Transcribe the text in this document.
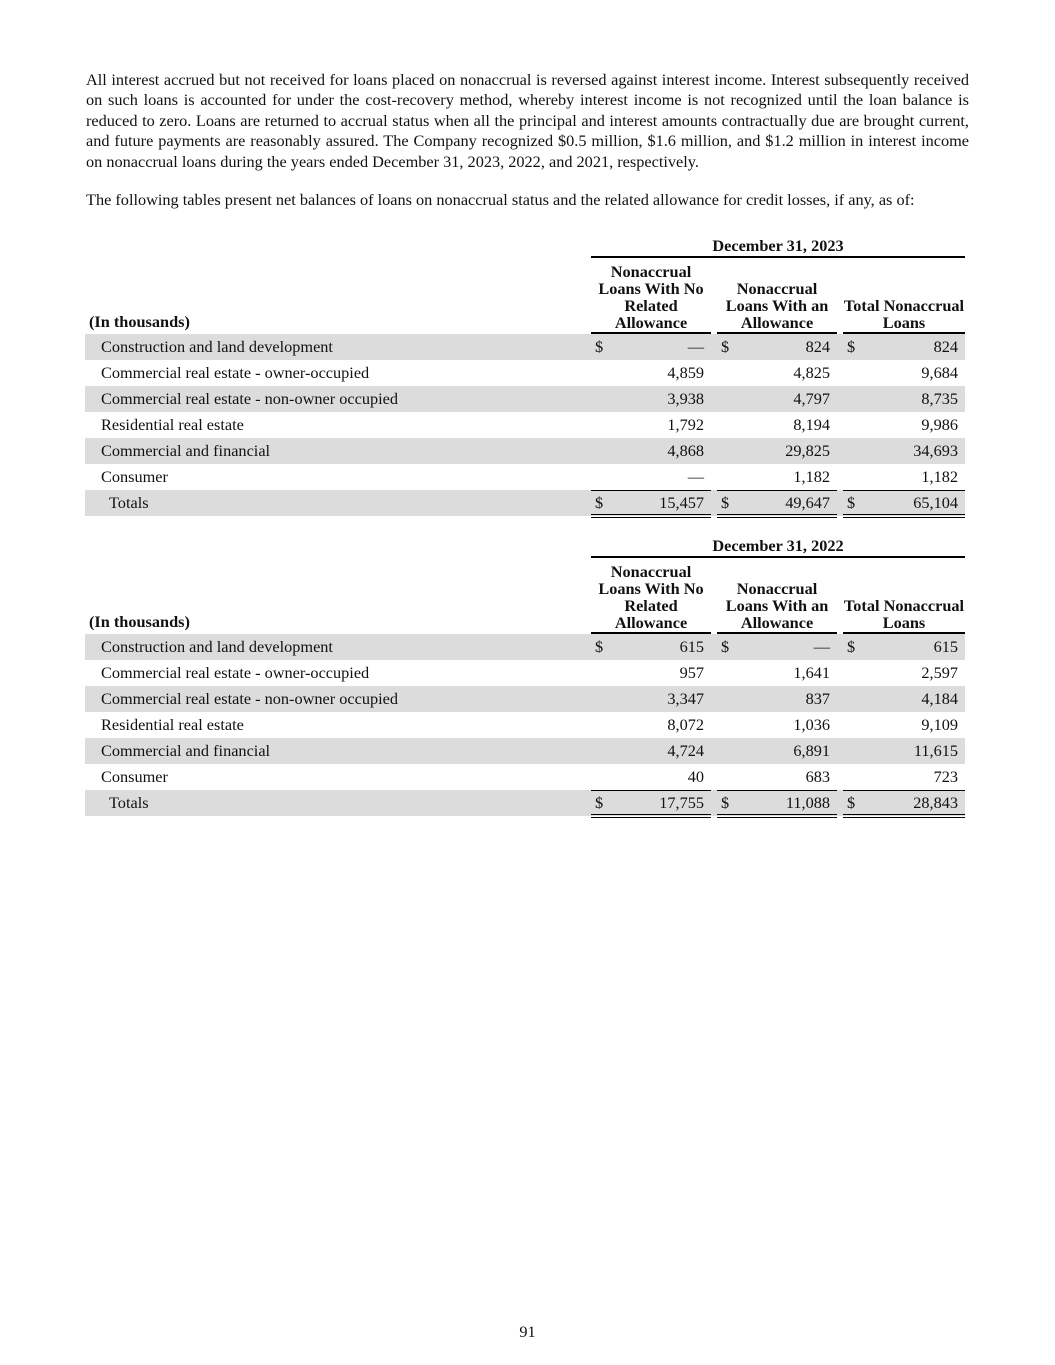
All interest accrued but not received for loans placed on nonaccrual is reversed against interest income. Interest subsequently received on such loans is accounted for under the cost-recovery method, whereby interest income is not recognized until the loan balance is reduced to zero. Loans are returned to accrual status when all the principal and interest amounts contractually due are brought current, and future payments are reasonably assured. The Company recognized $0.5 million, $1.6 million, and $1.2 million in interest income on nonaccrual loans during the years ended December 31, 2023, 2022, and 2021, respectively.
The following tables present net balances of loans on nonaccrual status and the related allowance for credit losses, if any, as of:
December 31, 2023
(In thousands)
Nonaccrual Loans With No Related Allowance
Nonaccrual Loans With an Allowance
Total Nonaccrual Loans
Construction and land development	$	— $	824 $	824
Commercial real estate - owner-occupied	4,859	4,825	9,684
Commercial real estate - non-owner occupied	3,938	4,797	8,735
Residential real estate	1,792	8,194	9,986
Commercial and financial	4,868	29,825	34,693
Consumer	—	1,182	1,182
Totals	$	15,457 $	49,647 $	65,104
December 31, 2022
(In thousands)
Nonaccrual Loans With No Related Allowance
Nonaccrual Loans With an Allowance
Total Nonaccrual Loans
Construction and land development	$	615 $	— $	615
Commercial real estate - owner-occupied	957	1,641	2,597
Commercial real estate - non-owner occupied	3,347	837	4,184
Residential real estate	8,072	1,036	9,109
Commercial and financial	4,724	6,891	11,615
Consumer	40	683	723
Totals	$	17,755 $	11,088 $	28,843
91
